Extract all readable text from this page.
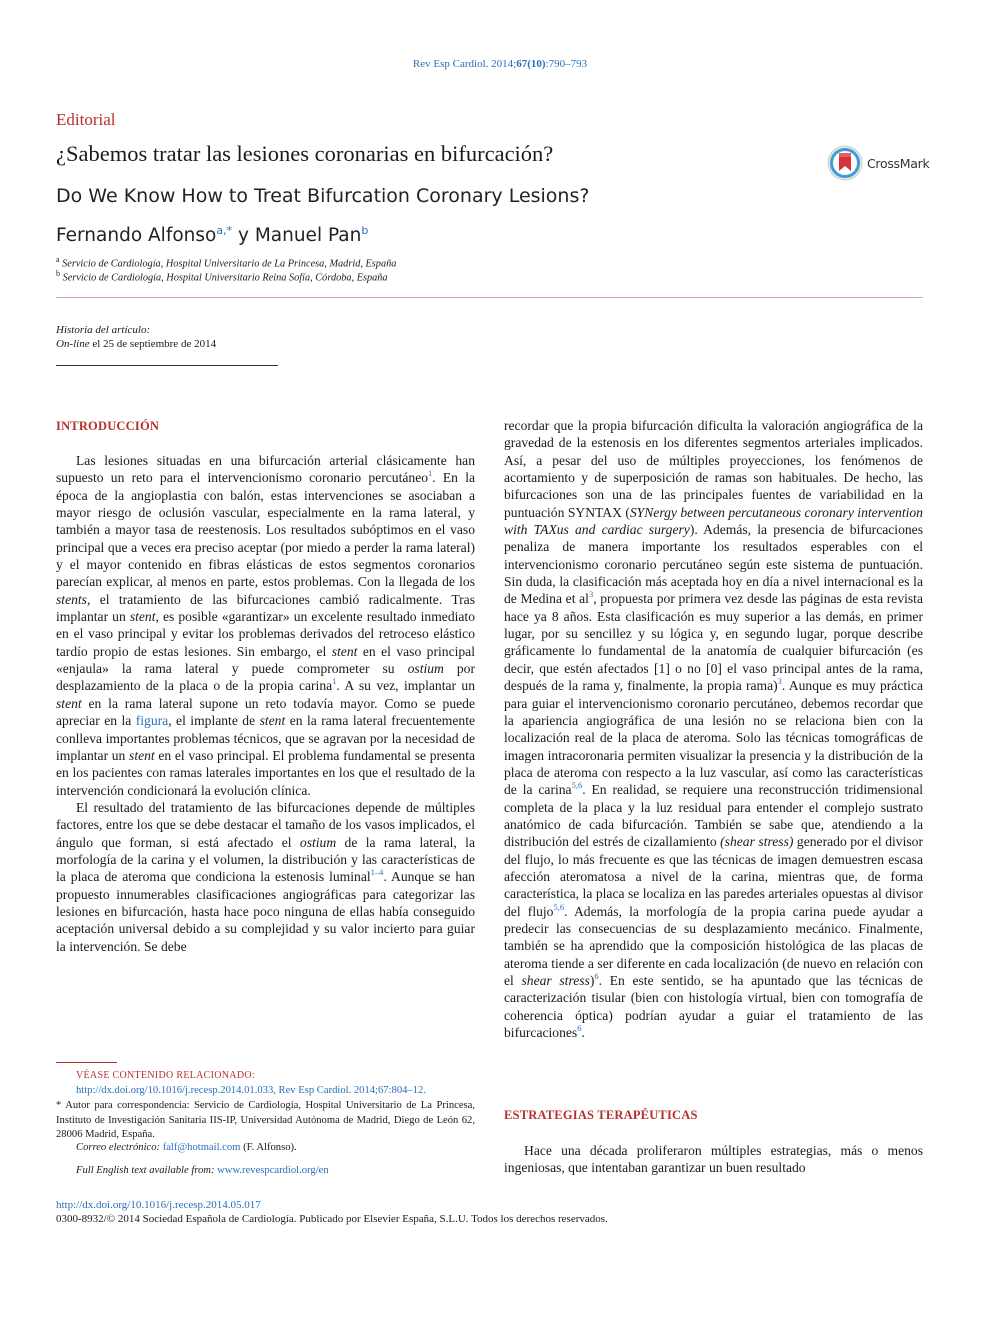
Rev Esp Cardiol. 2014;67(10):790–793
Editorial
¿Sabemos tratar las lesiones coronarias en bifurcación?
Do We Know How to Treat Bifurcation Coronary Lesions?
CrossMark
Fernando Alfonso$^{a,*}$ y Manuel Pan$^b$
$^a$ Servicio de Cardiología, Hospital Universitario de La Princesa, Madrid, España
$^b$ Servicio de Cardiología, Hospital Universitario Reina Sofía, Córdoba, España
Historia del artículo:
On-line el 25 de septiembre de 2014
INTRODUCCIÓN

Las lesiones situadas en una bifurcación arterial clásicamente han supuesto un reto para el intervencionismo coronario percutáneo$^1$. En la época de la angioplastia con balón, estas intervenciones se asociaban a mayor riesgo de oclusión vascular, especialmente en la rama lateral, y también a mayor tasa de reestenosis. Los resultados subóptimos en el vaso principal que a veces era preciso aceptar (por miedo a perder la rama lateral) y el mayor contenido en fibras elásticas de estos segmentos coronarios parecían explicar, al menos en parte, estos problemas. Con la llegada de los stents, el tratamiento de las bifurcaciones cambió radicalmente. Tras implantar un stent, es posible «garantizar» un excelente resultado inmediato en el vaso principal y evitar los problemas derivados del retroceso elástico tardío propio de estas lesiones. Sin embargo, el stent en el vaso principal «enjaula» la rama lateral y puede comprometer su ostium por desplazamiento de la placa o de la propia carina$^1$. A su vez, implantar un stent en la rama lateral supone un reto todavía mayor. Como se puede apreciar en la figura, el implante de stent en la rama lateral frecuentemente conlleva importantes problemas técnicos, que se agravan por la necesidad de implantar un stent en el vaso principal. El problema fundamental se presenta en los pacientes con ramas laterales importantes en los que el resultado de la intervención condicionará la evolución clínica.

El resultado del tratamiento de las bifurcaciones depende de múltiples factores, entre los que se debe destacar el tamaño de los vasos implicados, el ángulo que forman, si está afectado el ostium de la rama lateral, la morfología de la carina y el volumen, la distribución y las características de la placa de ateroma que condiciona la estenosis luminal$^{1-4}$. Aunque se han propuesto innumerables clasificaciones angiográficas para categorizar las lesiones en bifurcación, hasta hace poco ninguna de ellas había conseguido aceptación universal debido a su complejidad y su valor incierto para guiar la intervención. Se debe

recordar que la propia bifurcación dificulta la valoración angiográfica de la gravedad de la estenosis en los diferentes segmentos arteriales implicados. Así, a pesar del uso de múltiples proyecciones, los fenómenos de acortamiento y de superposición de ramas son habituales. De hecho, las bifurcaciones son una de las principales fuentes de variabilidad en la puntuación SYNTAX (SYNergy between percutaneous coronary intervention with TAXus and cardiac surgery). Además, la presencia de bifurcaciones penaliza de manera importante los resultados esperables con el intervencionismo coronario percutáneo según este sistema de puntuación. Sin duda, la clasificación más aceptada hoy en día a nivel internacional es la de Medina et $al^3$, propuesta por primera vez desde las páginas de esta revista hace ya 8 años. Esta clasificación es muy superior a las demás, en primer lugar, por su sencillez y su lógica y, en segundo lugar, porque describe gráficamente lo fundamental de la anatomía de cualquier bifurcación (es decir, que estén afectados [1] o no [0] el vaso principal antes de la rama, después de la rama y, finalmente, la propia rama)$^3$. Aunque es muy práctica para guiar el intervencionismo coronario percutáneo, debemos recordar que la apariencia angiográfica de una lesión no se relaciona bien con la localización real de la placa de ateroma. Solo las técnicas tomográficas de imagen intracoronaria permiten visualizar la presencia y la distribución de la placa de ateroma con respecto a la luz vascular, así como las características de la carina$^{5,6}$. En realidad, se requiere una reconstrucción tridimensional completa de la placa y la luz residual para entender el complejo sustrato anatómico de cada bifurcación. También se sabe que, atendiendo a la distribución del estrés de cizallamiento (shear stress) generado por el divisor del flujo, lo más frecuente es que las técnicas de imagen demuestren escasa afección ateromatosa a nivel de la carina, mientras que, de forma característica, la placa se localiza en las paredes arteriales opuestas al divisor del flujo$^{5,6}$. Además, la morfología de la propia carina puede ayudar a predecir las consecuencias de su desplazamiento mecánico. Finalmente, también se ha aprendido que la composición histológica de las placas de ateroma tiende a ser diferente en cada localización (de nuevo en relación con el shear stress)$^6$. En este sentido, se ha apuntado que las técnicas de caracterización tisular (bien con histología virtual, bien con tomografía de coherencia óptica) podrían ayudar a guiar el tratamiento de las bifurcaciones$^6$.

ESTRATEGIAS TERAPÉUTICAS

Hace una década proliferaron múltiples estrategias, más o menos ingeniosas, que intentaban garantizar un buen resultado

VÉASE CONTENIDO RELACIONADO:
http://dx.doi.org/10.1016/j.recesp.2014.01.033, Rev Esp Cardiol. 2014;67:804–12.
* Autor para correspondencia: Servicio de Cardiología, Hospital Universitario de La Princesa, Instituto de Investigación Sanitaria IIS-IP, Universidad Autónoma de Madrid, Diego de León 62, 28006 Madrid, España.
Correo electrónico: falf@hotmail.com (F. Alfonso).
Full English text available from: www.revespcardiol.org/en
http://dx.doi.org/10.1016/j.recesp.2014.05.017
0300-8932/© 2014 Sociedad Española de Cardiología. Publicado por Elsevier España, S.L.U. Todos los derechos reservados.
